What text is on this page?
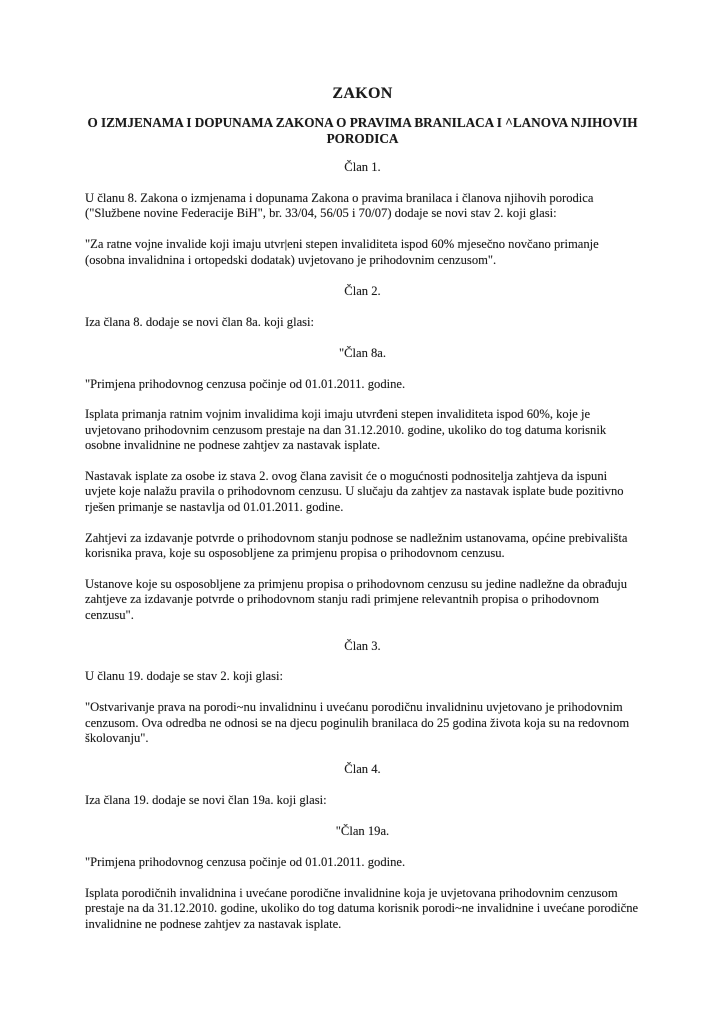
ZAKON
O IZMJENAMA I DOPUNAMA ZAKONA O PRAVIMA BRANILACA I ^LANOVA NJIHOVIH PORODICA
Član 1.

U članu 8. Zakona o izmjenama i dopunama Zakona o pravima branilaca i članova njihovih porodica ("Službene novine Federacije BiH", br. 33/04, 56/05 i 70/07) dodaje se novi stav 2. koji glasi:

"Za ratne vojne invalide koji imaju utvr|eni stepen invaliditeta ispod 60% mjesečno novčano primanje (osobna invalidnina i ortopedski dodatak) uvjetovano je prihodovnim cenzusom".

Član 2.

Iza člana 8. dodaje se novi član 8a. koji glasi:

"Član 8a.

"Primjena prihodovnog cenzusa počinje od 01.01.2011. godine.

Isplata primanja ratnim vojnim invalidima koji imaju utvrđeni stepen invaliditeta ispod 60%, koje je uvjetovano prihodovnim cenzusom prestaje na dan 31.12.2010. godine, ukoliko do tog datuma korisnik osobne invalidnine ne podnese zahtjev za nastavak isplate.

Nastavak isplate za osobe iz stava 2. ovog člana zavisit će o mogućnosti podnositelja zahtjeva da ispuni uvjete koje nalažu pravila o prihodovnom cenzusu. U slučaju da zahtjev za nastavak isplate bude pozitivno rješen primanje se nastavlja od 01.01.2011. godine.

Zahtjevi za izdavanje potvrde o prihodovnom stanju podnose se nadležnim ustanovama, općine prebivališta korisnika prava, koje su osposobljene za primjenu propisa o prihodovnom cenzusu.

Ustanove koje su osposobljene za primjenu propisa o prihodovnom cenzusu su jedine nadležne da obrađuju zahtjeve za izdavanje potvrde o prihodovnom stanju radi primjene relevantnih propisa o prihodovnom cenzusu".

Član 3.

U članu 19. dodaje se stav 2. koji glasi:

"Ostvarivanje prava na porodi~nu invalidninu i uvećanu porodičnu invalidninu uvjetovano je prihodovnim cenzusom. Ova odredba ne odnosi se na djecu poginulih branilaca do 25 godina života koja su na redovnom školovanju".

Član 4.

Iza člana 19. dodaje se novi član 19a. koji glasi:

"Član 19a.

"Primjena prihodovnog cenzusa počinje od 01.01.2011. godine.

Isplata porodičnih invalidnina i uvećane porodične invalidnine koja je uvjetovana prihodovnim cenzusom prestaje na da 31.12.2010. godine, ukoliko do tog datuma korisnik porodi~ne invalidnine i uvećane porodične invalidnine ne podnese zahtjev za nastavak isplate.
